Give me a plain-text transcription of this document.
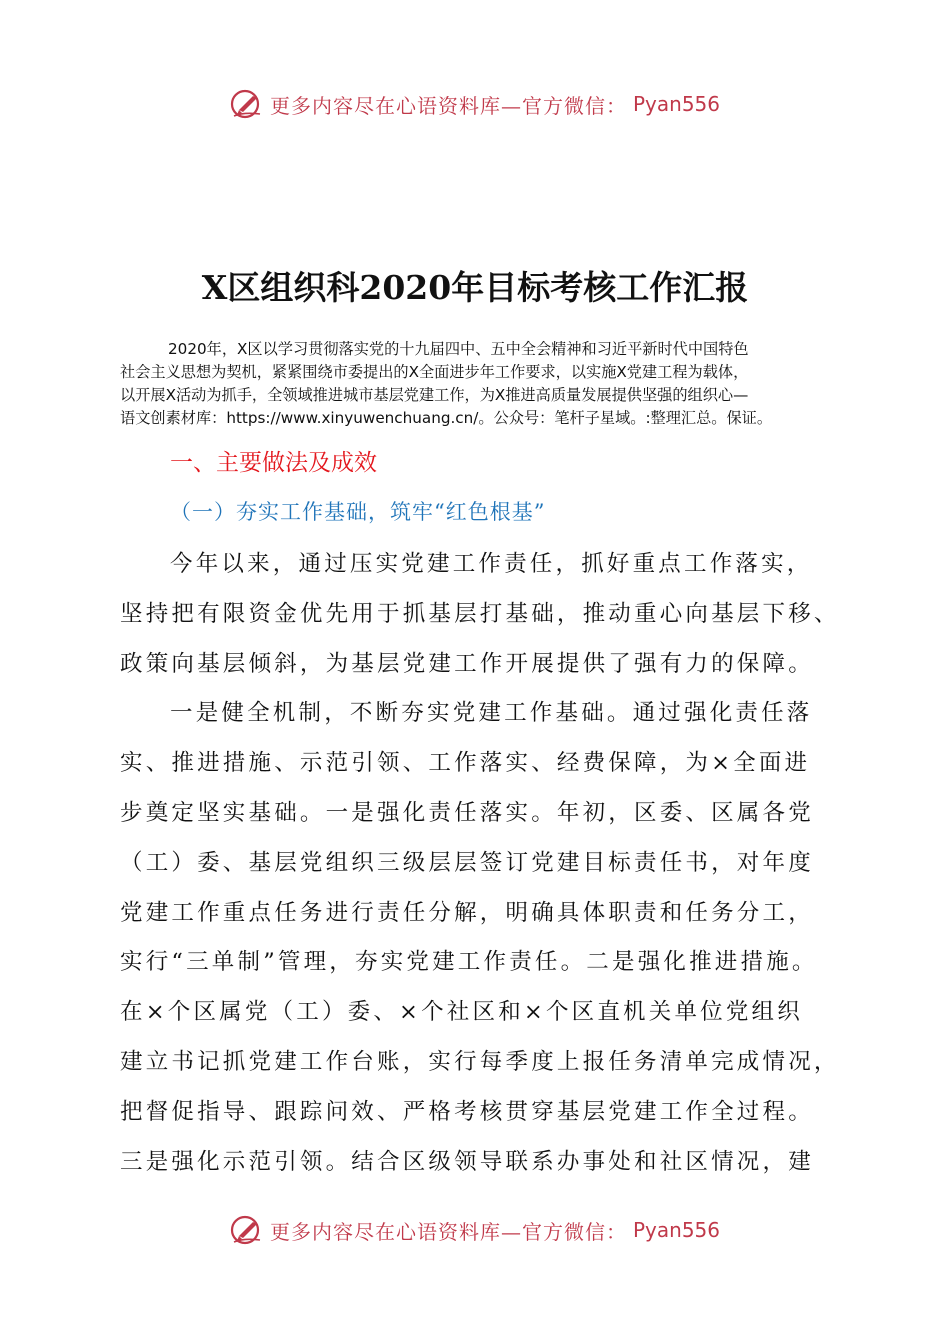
更多内容尽在心语资料库—官方微信： Pyan556
X区组织科2020年目标考核工作汇报
2020年，X区以学习贯彻落实党的十九届四中、五中全会精神和习近平新时代中国特色
社会主义思想为契机，紧紧围绕市委提出的X全面进步年工作要求，以实施X党建工程为载体，
以开展X活动为抓手，全领域推进城市基层党建工作，为X推进高质量发展提供坚强的组织心—
语文创素材库：https://www.xinyuwenchuang.cn/。公众号：笔杆子星域。:整理汇总。保证。
一、主要做法及成效
（一）夯实工作基础，筑牢“红色根基”
今年以来，通过压实党建工作责任，抓好重点工作落实，
坚持把有限资金优先用于抓基层打基础，推动重心向基层下移、
政策向基层倾斜，为基层党建工作开展提供了强有力的保障。
一是健全机制，不断夯实党建工作基础。通过强化责任落
实、推进措施、示范引领、工作落实、经费保障，为×全面进
步奠定坚实基础。一是强化责任落实。年初，区委、区属各党
（工）委、基层党组织三级层层签订党建目标责任书，对年度
党建工作重点任务进行责任分解，明确具体职责和任务分工，
实行“三单制”管理，夯实党建工作责任。二是强化推进措施。
在×个区属党（工）委、×个社区和×个区直机关单位党组织
建立书记抓党建工作台账，实行每季度上报任务清单完成情况，
把督促指导、跟踪问效、严格考核贯穿基层党建工作全过程。
三是强化示范引领。结合区级领导联系办事处和社区情况，建
更多内容尽在心语资料库—官方微信： Pyan556
